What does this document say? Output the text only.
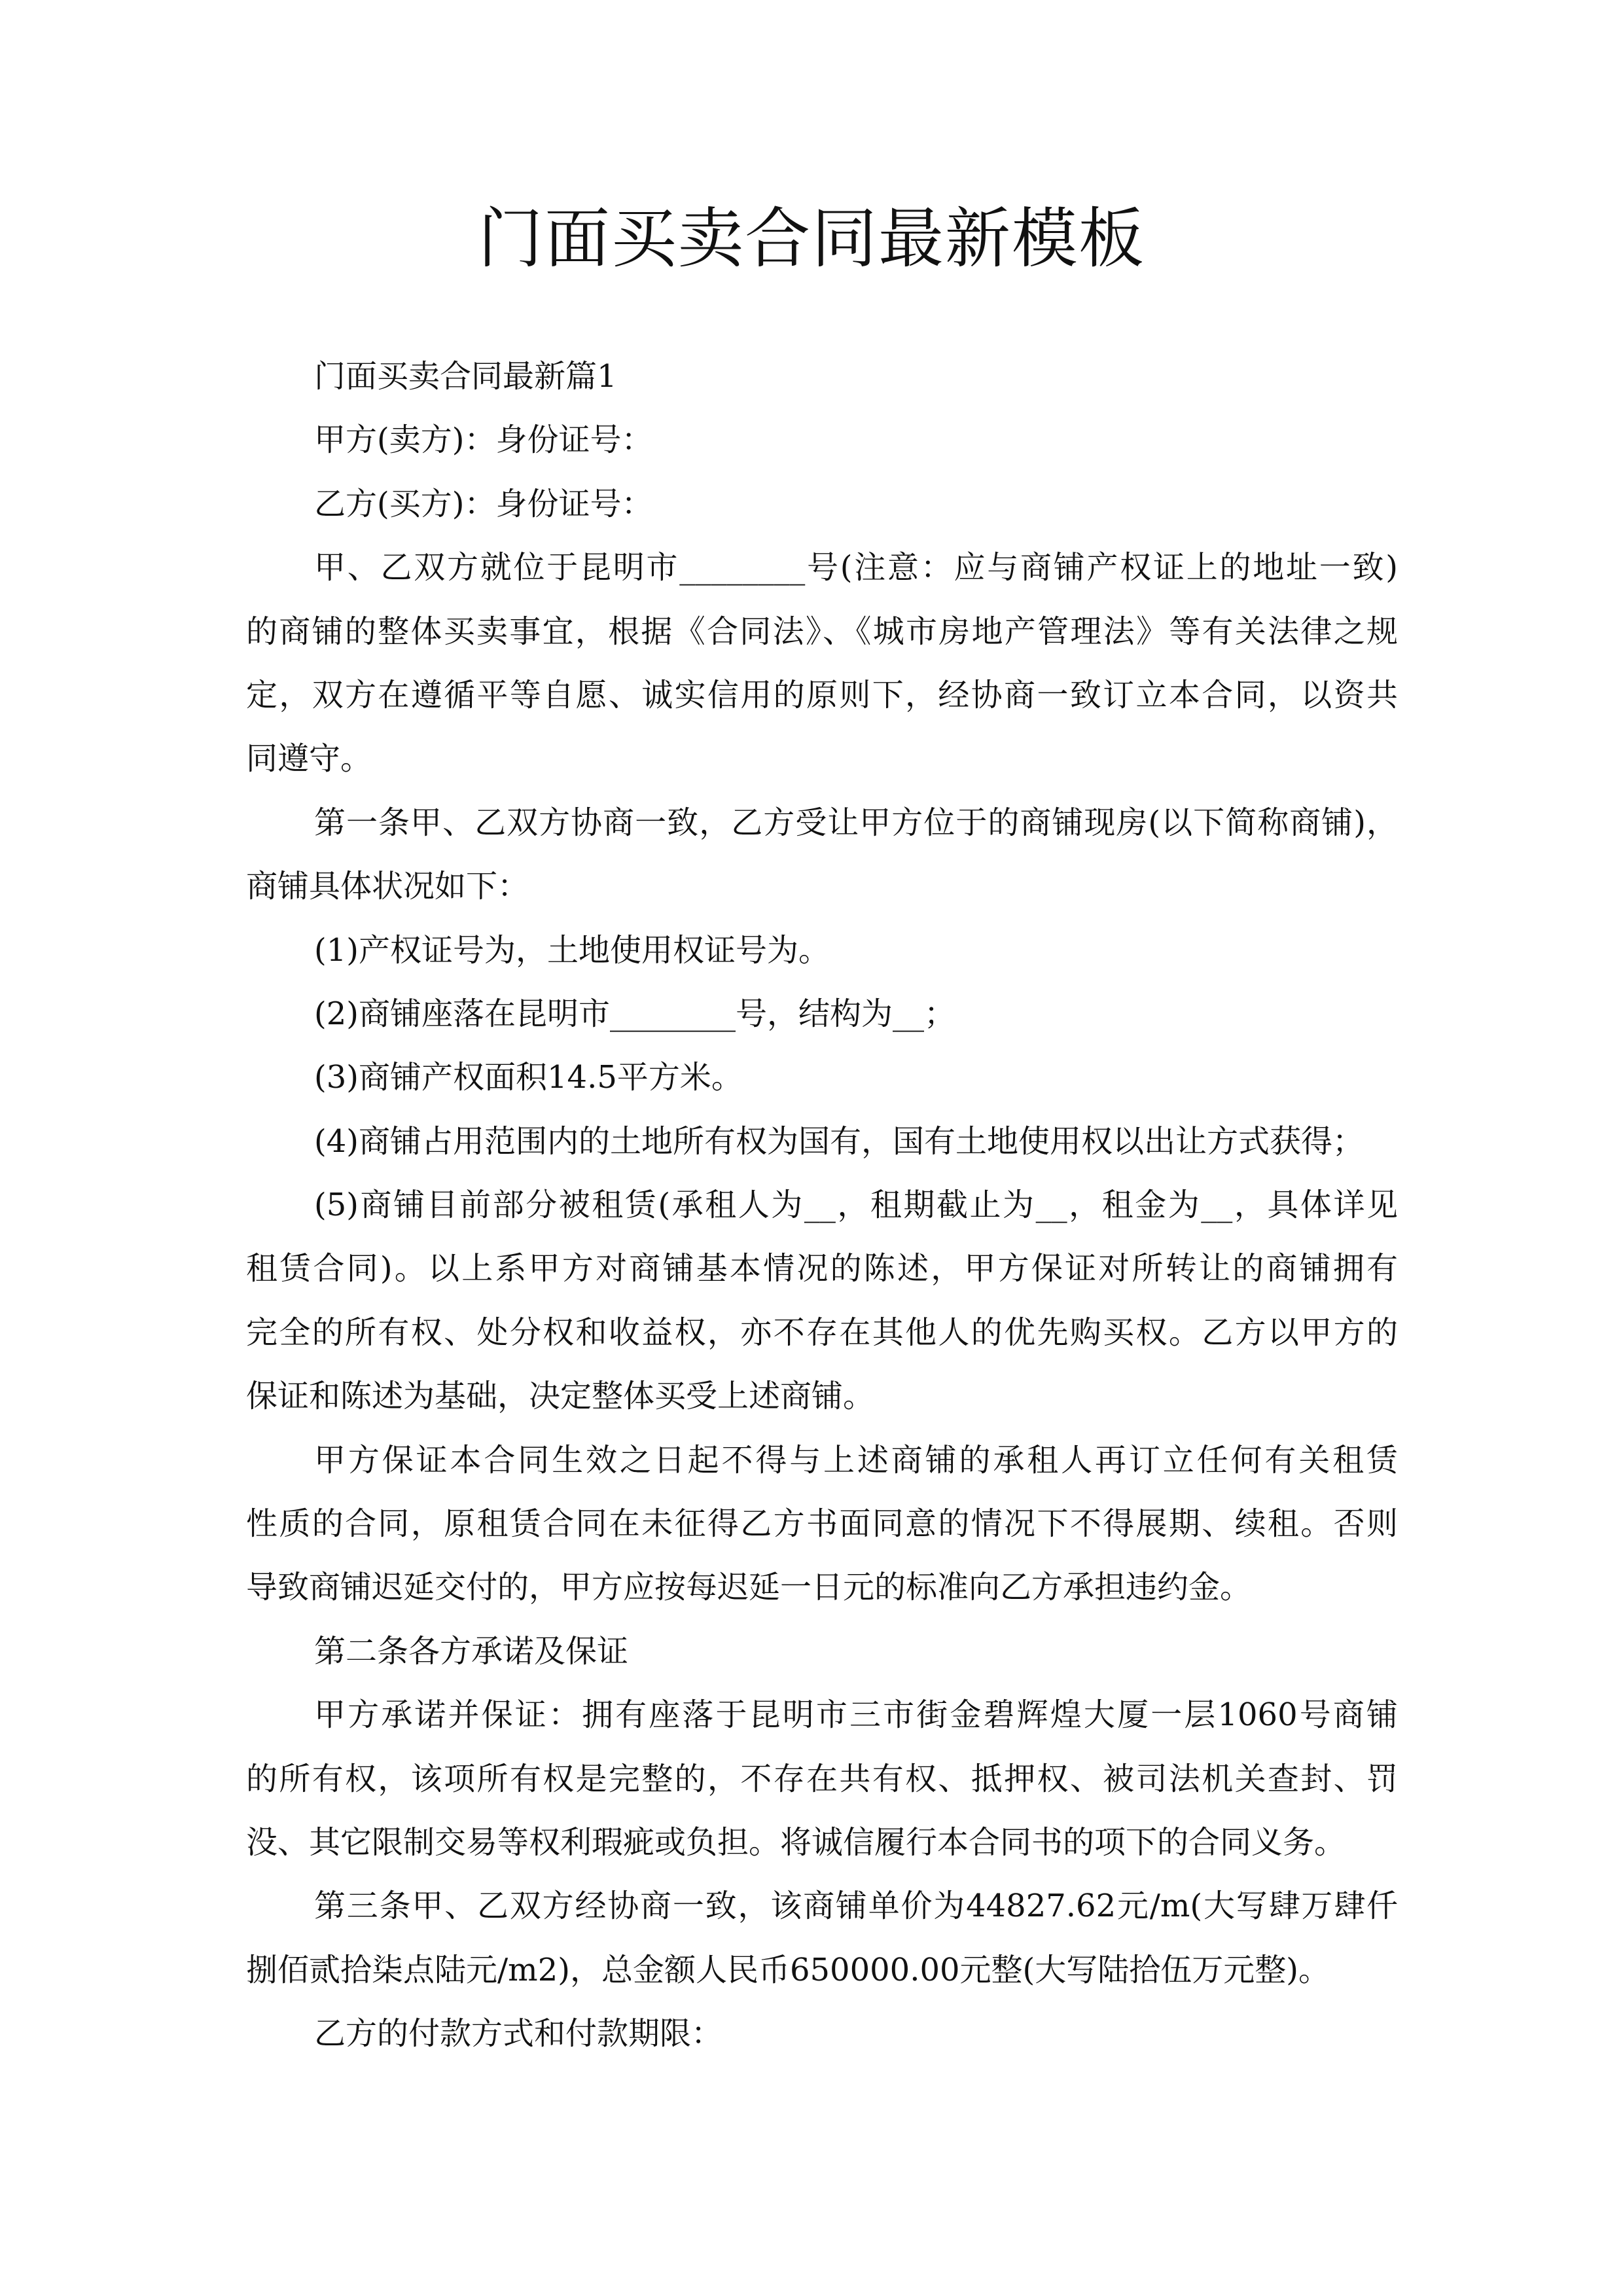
门面买卖合同最新模板
门面买卖合同最新篇1
甲方(卖方)：身份证号：
乙方(买方)：身份证号：
甲、乙双方就位于昆明市________号(注意：应与商铺产权证上的地址一致)
的商铺的整体买卖事宜，根据《合同法》、《城市房地产管理法》等有关法律之规
定，双方在遵循平等自愿、诚实信用的原则下，经协商一致订立本合同，以资共
同遵守。
第一条甲、乙双方协商一致，乙方受让甲方位于的商铺现房(以下简称商铺)，
商铺具体状况如下：
(1)产权证号为，土地使用权证号为。
(2)商铺座落在昆明市________号，结构为__；
(3)商铺产权面积14.5平方米。
(4)商铺占用范围内的土地所有权为国有，国有土地使用权以出让方式获得；
(5)商铺目前部分被租赁(承租人为__，租期截止为__，租金为__，具体详见
租赁合同)。以上系甲方对商铺基本情况的陈述，甲方保证对所转让的商铺拥有
完全的所有权、处分权和收益权，亦不存在其他人的优先购买权。乙方以甲方的
保证和陈述为基础，决定整体买受上述商铺。
甲方保证本合同生效之日起不得与上述商铺的承租人再订立任何有关租赁
性质的合同，原租赁合同在未征得乙方书面同意的情况下不得展期、续租。否则
导致商铺迟延交付的，甲方应按每迟延一日元的标准向乙方承担违约金。
第二条各方承诺及保证
甲方承诺并保证：拥有座落于昆明市三市街金碧辉煌大厦一层1060号商铺
的所有权，该项所有权是完整的，不存在共有权、抵押权、被司法机关查封、罚
没、其它限制交易等权利瑕疵或负担。将诚信履行本合同书的项下的合同义务。
第三条甲、乙双方经协商一致，该商铺单价为44827.62元/m(大写肆万肆仟
捌佰贰拾柒点陆元/m2)，总金额人民币650000.00元整(大写陆拾伍万元整)。
乙方的付款方式和付款期限：
